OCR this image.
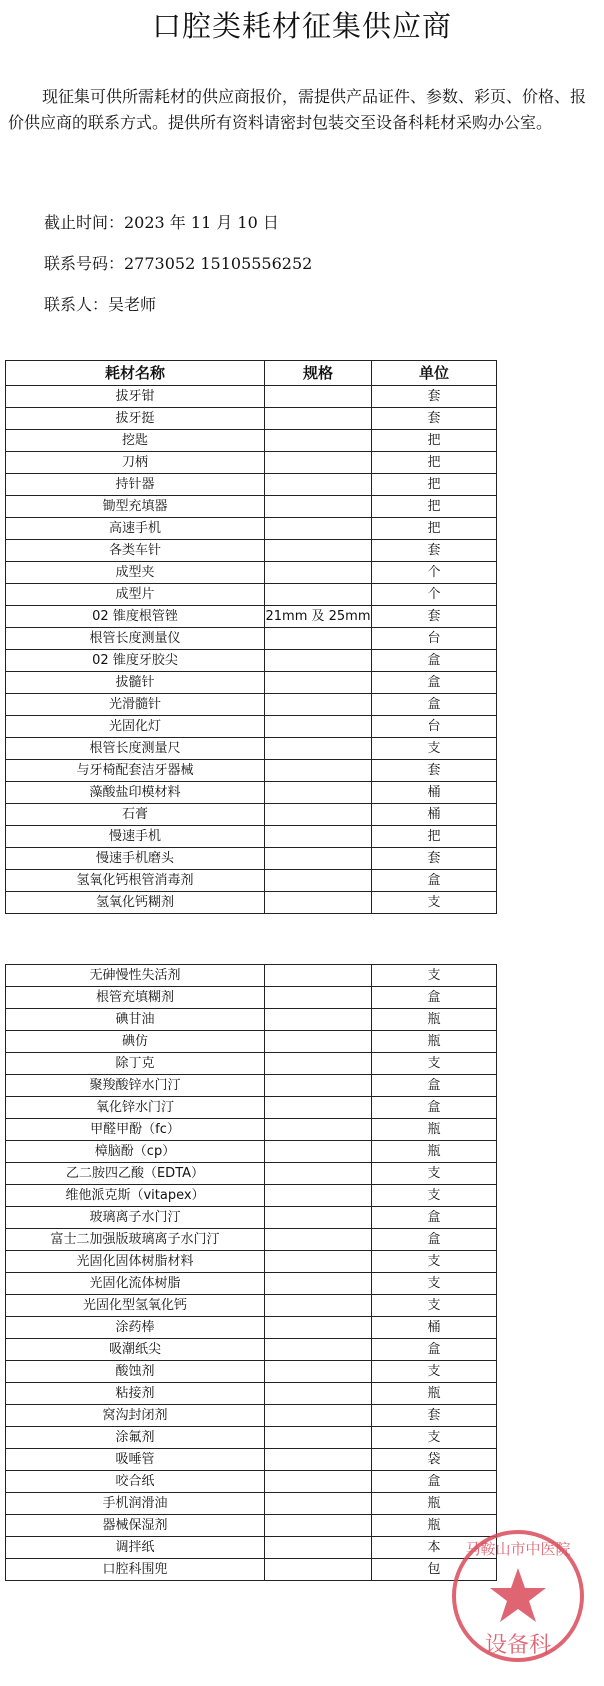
口腔类耗材征集供应商

现征集可供所需耗材的供应商报价，需提供产品证件、参数、彩页、价格、报价供应商的联系方式。提供所有资料请密封包装交至设备科耗材采购办公室。

截止时间：2023 年 11 月 10 日

联系号码：2773052 15105556252

联系人：吴老师

耗材名称	规格	单位
拔牙钳		套
拔牙挺		套
挖匙		把
刀柄		把
持针器		把
锄型充填器		把
高速手机		把
各类车针		套
成型夹		个
成型片		个
02 锥度根管锉	21mm 及 25mm	套
根管长度测量仪		台
02 锥度牙胶尖		盒
拔髓针		盒
光滑髓针		盒
光固化灯		台
根管长度测量尺		支
与牙椅配套洁牙器械		套
藻酸盐印模材料		桶
石膏		桶
慢速手机		把
慢速手机磨头		套
氢氧化钙根管消毒剂		盒
氢氧化钙糊剂		支
无砷慢性失活剂		支
根管充填糊剂		盒
碘甘油		瓶
碘仿		瓶
除丁克		支
聚羧酸锌水门汀		盒
氧化锌水门汀		盒
甲醛甲酚（fc）		瓶
樟脑酚（cp）		瓶
乙二胺四乙酸（EDTA）		支
维他派克斯（vitapex）		支
玻璃离子水门汀		盒
富士二加强版玻璃离子水门汀		盒
光固化固体树脂材料		支
光固化流体树脂		支
光固化型氢氧化钙		支
涂药棒		桶
吸潮纸尖		盒
酸蚀剂		支
粘接剂		瓶
窝沟封闭剂		套
涂氟剂		支
吸唾管		袋
咬合纸		盒
手机润滑油		瓶
器械保湿剂		瓶
调拌纸		本
口腔科围兜		包
设备科
马鞍山市中医院
